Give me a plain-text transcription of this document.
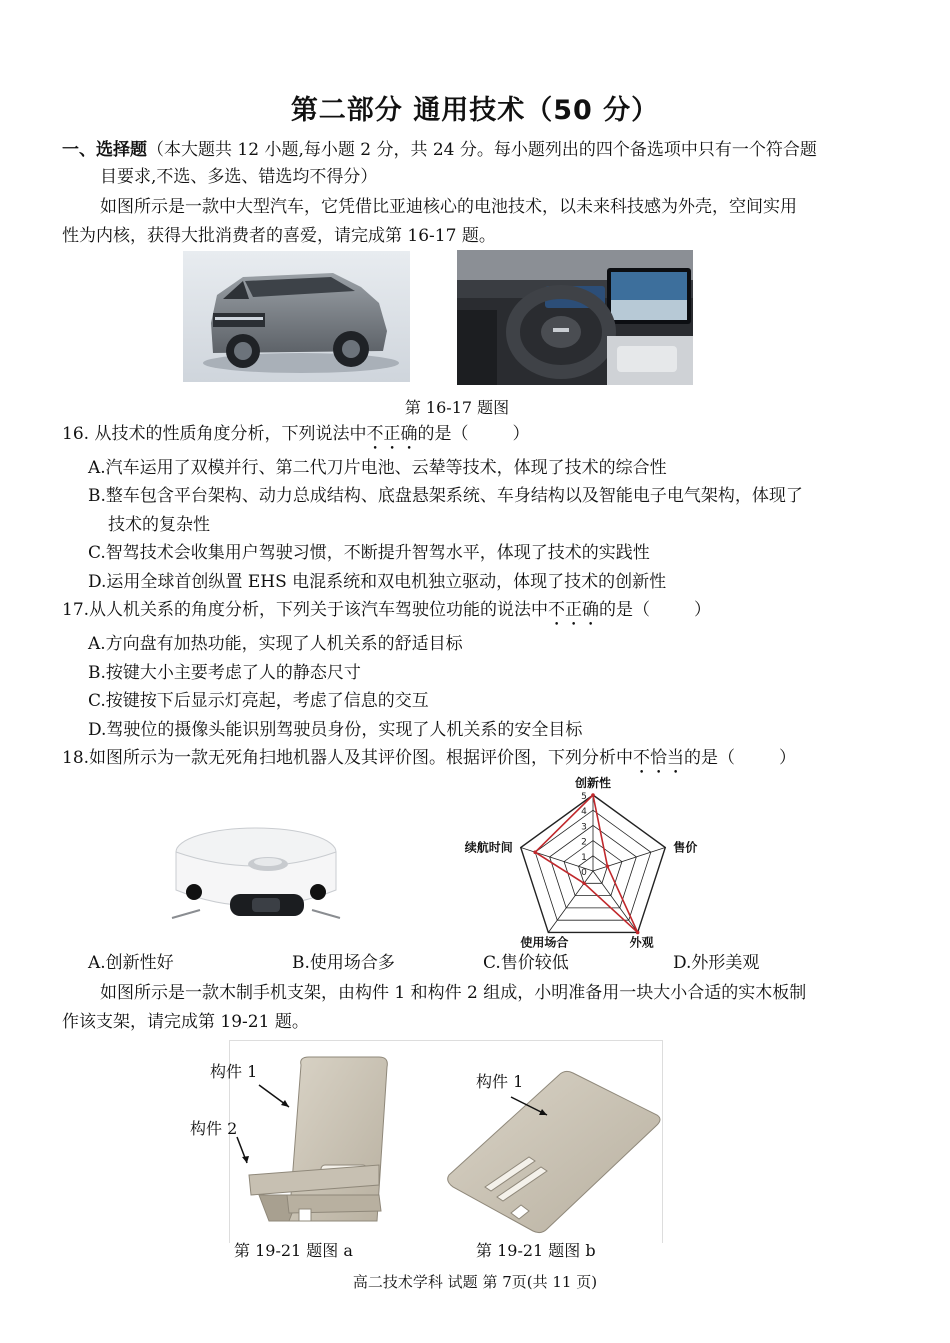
第二部分 通用技术（50 分）
一、选择题（本大题共 12 小题,每小题 2 分，共 24 分。每小题列出的四个备选项中只有一个符合题
目要求,不选、多选、错选均不得分）
如图所示是一款中大型汽车，它凭借比亚迪核心的电池技术，以未来科技感为外壳，空间实用
性为内核，获得大批消费者的喜爱，请完成第 16-17 题。
第 16-17 题图
16. 从技术的性质角度分析，下列说法中不正确的是（	）
A.汽车运用了双模并行、第二代刀片电池、云辇等技术，体现了技术的综合性
B.整车包含平台架构、动力总成结构、底盘悬架系统、车身结构以及智能电子电气架构，体现了
技术的复杂性
C.智驾技术会收集用户驾驶习惯，不断提升智驾水平，体现了技术的实践性
D.运用全球首创纵置 EHS 电混系统和双电机独立驱动，体现了技术的创新性
17.从人机关系的角度分析，下列关于该汽车驾驶位功能的说法中不正确的是（	）
A.方向盘有加热功能，实现了人机关系的舒适目标
B.按键大小主要考虑了人的静态尺寸
C.按键按下后显示灯亮起，考虑了信息的交互
D.驾驶位的摄像头能识别驾驶员身份，实现了人机关系的安全目标
18.如图所示为一款无死角扫地机器人及其评价图。根据评价图，下列分析中不恰当的是（	）
0
1
2
3
4
5
创新性
售价
外观
使用场合
续航时间
A.创新性好	B.使用场合多	C.售价较低	D.外形美观
如图所示是一款木制手机支架，由构件 1 和构件 2 组成，小明准备用一块大小合适的实木板制
作该支架，请完成第 19-21 题。
构件 1
构件 2
构件 1
第 19-21 题图 a	第 19-21 题图 b
高二技术学科 试题 第 7页(共 11 页)
